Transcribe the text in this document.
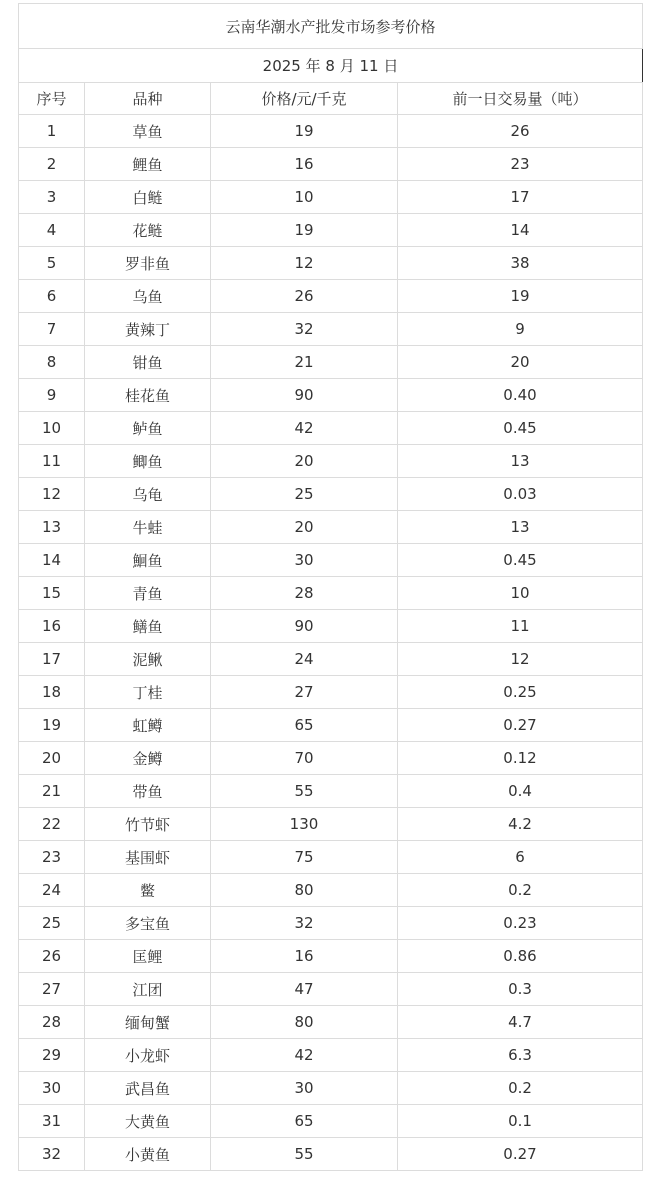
云南华潮水产批发市场参考价格			
2025 年 8 月 11 日			
序号	品种	价格/元/千克	前一日交易量（吨）
1	草鱼	19	26
2	鲤鱼	16	23
3	白鲢	10	17
4	花鲢	19	14
5	罗非鱼	12	38
6	乌鱼	26	19
7	黄辣丁	32	9
8	钳鱼	21	20
9	桂花鱼	90	0.40
10	鲈鱼	42	0.45
11	鲫鱼	20	13
12	乌龟	25	0.03
13	牛蛙	20	13
14	鮰鱼	30	0.45
15	青鱼	28	10
16	鳝鱼	90	11
17	泥鳅	24	12
18	丁桂	27	0.25
19	虹鳟	65	0.27
20	金鳟	70	0.12
21	带鱼	55	0.4
22	竹节虾	130	4.2
23	基围虾	75	6
24	鳖	80	0.2
25	多宝鱼	32	0.23
26	匡鲤	16	0.86
27	江团	47	0.3
28	缅甸蟹	80	4.7
29	小龙虾	42	6.3
30	武昌鱼	30	0.2
31	大黄鱼	65	0.1
32	小黄鱼	55	0.27
